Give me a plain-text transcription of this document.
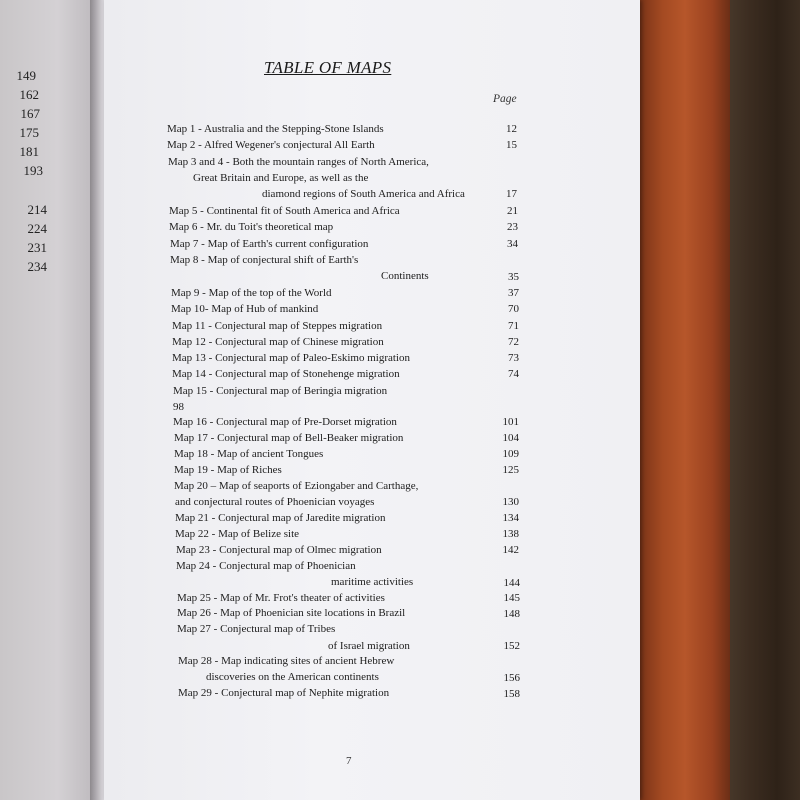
149
162
167
175
181
193
214
224
231
234
TABLE OF MAPS
Page
Map 1 - Australia and the Stepping-Stone Islands	12
Map 2 - Alfred Wegener's conjectural All Earth	15
Map 3 and 4 - Both the mountain ranges of North America,
Great Britain and Europe, as well as the
diamond regions of South America and Africa	17
Map 5 - Continental fit of South America and Africa	21
Map 6 - Mr. du Toit's theoretical map	23
Map 7 - Map of Earth's current configuration	34
Map 8 - Map of conjectural shift of Earth's
Continents	35
Map 9 - Map of the top of the World	37
Map 10- Map of Hub of mankind	70
Map 11 - Conjectural map of Steppes migration	71
Map 12 - Conjectural map of Chinese migration	72
Map 13 - Conjectural map of Paleo-Eskimo migration	73
Map 14 - Conjectural map of Stonehenge migration	74
Map 15 - Conjectural map of Beringia migration
98
Map 16 - Conjectural map of Pre-Dorset migration	101
Map 17 - Conjectural map of Bell-Beaker migration	104
Map 18 - Map of ancient Tongues	109
Map 19 - Map of Riches	125
Map 20 – Map of seaports of Eziongaber and Carthage,
and conjectural routes of Phoenician voyages	130
Map 21 - Conjectural map of Jaredite migration	134
Map 22 - Map of Belize site	138
Map 23 - Conjectural map of Olmec migration	142
Map 24 - Conjectural map of Phoenician
maritime activities	144
Map 25 - Map of Mr. Frot's theater of activities	145
Map 26 - Map of Phoenician site locations in Brazil	148
Map 27 - Conjectural map of Tribes
of Israel migration	152
Map 28 - Map indicating sites of ancient Hebrew
discoveries on the American continents	156
Map 29 - Conjectural map of Nephite migration	158
7
